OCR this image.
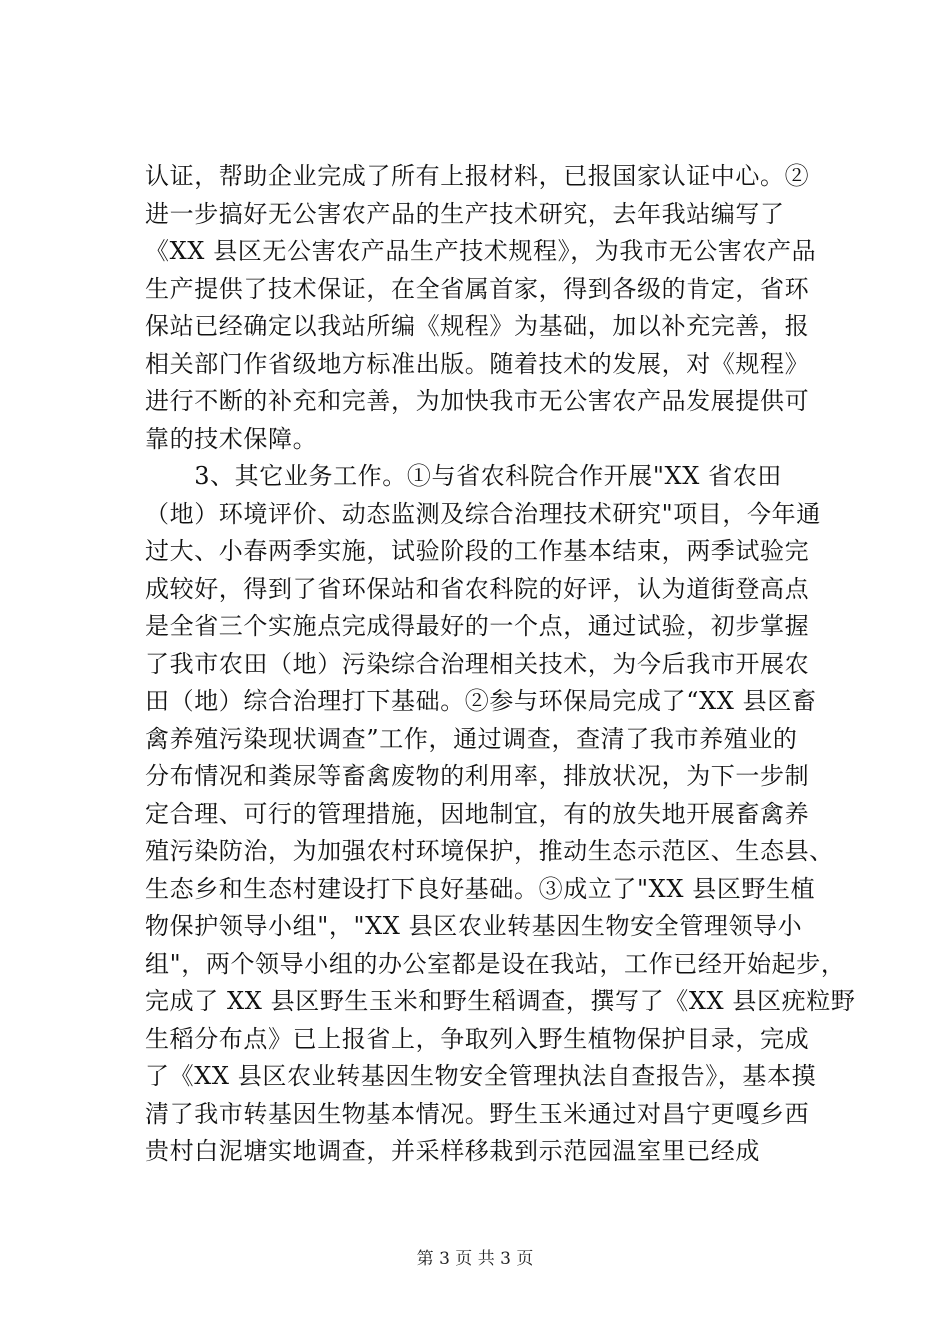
认证，帮助企业完成了所有上报材料，已报国家认证中心。②
进一步搞好无公害农产品的生产技术研究，去年我站编写了
《XX 县区无公害农产品生产技术规程》，为我市无公害农产品
生产提供了技术保证，在全省属首家，得到各级的肯定，省环
保站已经确定以我站所编《规程》为基础，加以补充完善，报
相关部门作省级地方标准出版。随着技术的发展，对《规程》
进行不断的补充和完善，为加快我市无公害农产品发展提供可
靠的技术保障。
　　3、其它业务工作。①与省农科院合作开展"XX 省农田
（地）环境评价、动态监测及综合治理技术研究"项目，今年通
过大、小春两季实施，试验阶段的工作基本结束，两季试验完
成较好，得到了省环保站和省农科院的好评，认为道街登高点
是全省三个实施点完成得最好的一个点，通过试验，初步掌握
了我市农田（地）污染综合治理相关技术，为今后我市开展农
田（地）综合治理打下基础。②参与环保局完成了“XX 县区畜
禽养殖污染现状调查”工作，通过调查，查清了我市养殖业的
分布情况和粪尿等畜禽废物的利用率，排放状况，为下一步制
定合理、可行的管理措施，因地制宜，有的放失地开展畜禽养
殖污染防治，为加强农村环境保护，推动生态示范区、生态县、
生态乡和生态村建设打下良好基础。③成立了"XX 县区野生植
物保护领导小组"，"XX 县区农业转基因生物安全管理领导小
组"，两个领导小组的办公室都是设在我站，工作已经开始起步，
完成了 XX 县区野生玉米和野生稻调查，撰写了《XX 县区疣粒野
生稻分布点》已上报省上，争取列入野生植物保护目录，完成
了《XX 县区农业转基因生物安全管理执法自查报告》，基本摸
清了我市转基因生物基本情况。野生玉米通过对昌宁更嘎乡西
贵村白泥塘实地调查，并采样移栽到示范园温室里已经成
第 3 页 共 3 页
